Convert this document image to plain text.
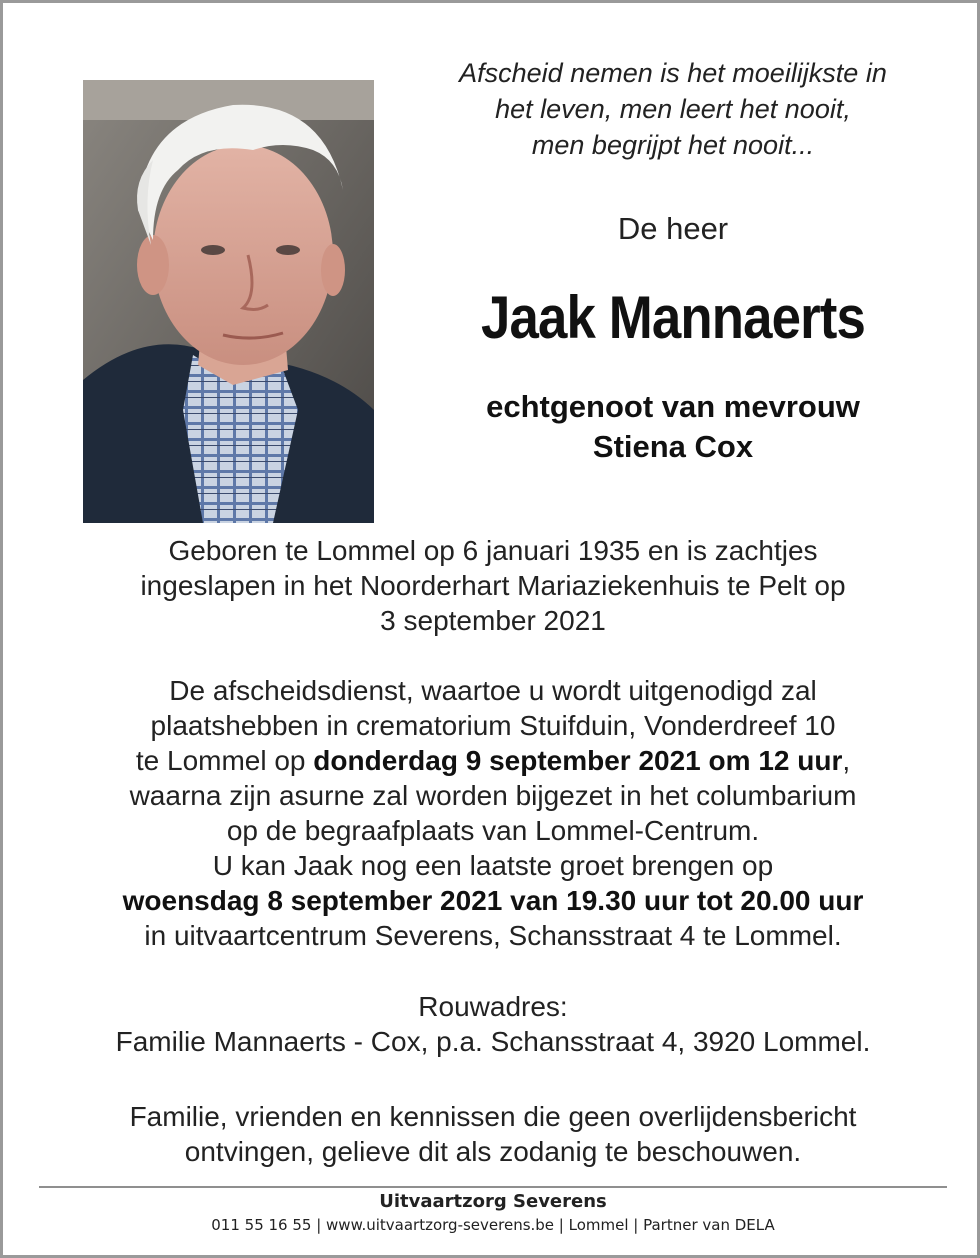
Afscheid nemen is het moeilijkste in
het leven, men leert het nooit,
men begrijpt het nooit...

De heer
Jaak Mannaerts
echtgenoot van mevrouw
Stiena Cox
Geboren te Lommel op 6 januari 1935 en is zachtjes
ingeslapen in het Noorderhart Mariaziekenhuis te Pelt op
3 september 2021
De afscheidsdienst, waartoe u wordt uitgenodigd zal
plaatshebben in crematorium Stuifduin, Vonderdreef 10
te Lommel op donderdag 9 september 2021 om 12 uur,
waarna zijn asurne zal worden bijgezet in het columbarium
op de begraafplaats van Lommel-Centrum.
U kan Jaak nog een laatste groet brengen op
woensdag 8 september 2021 van 19.30 uur tot 20.00 uur
in uitvaartcentrum Severens, Schansstraat 4 te Lommel.
Rouwadres:
Familie Mannaerts - Cox, p.a. Schansstraat 4, 3920 Lommel.
Familie, vrienden en kennissen die geen overlijdensbericht
ontvingen, gelieve dit als zodanig te beschouwen.
Uitvaartzorg Severens
011 55 16 55 | www.uitvaartzorg-severens.be | Lommel | Partner van DELA
